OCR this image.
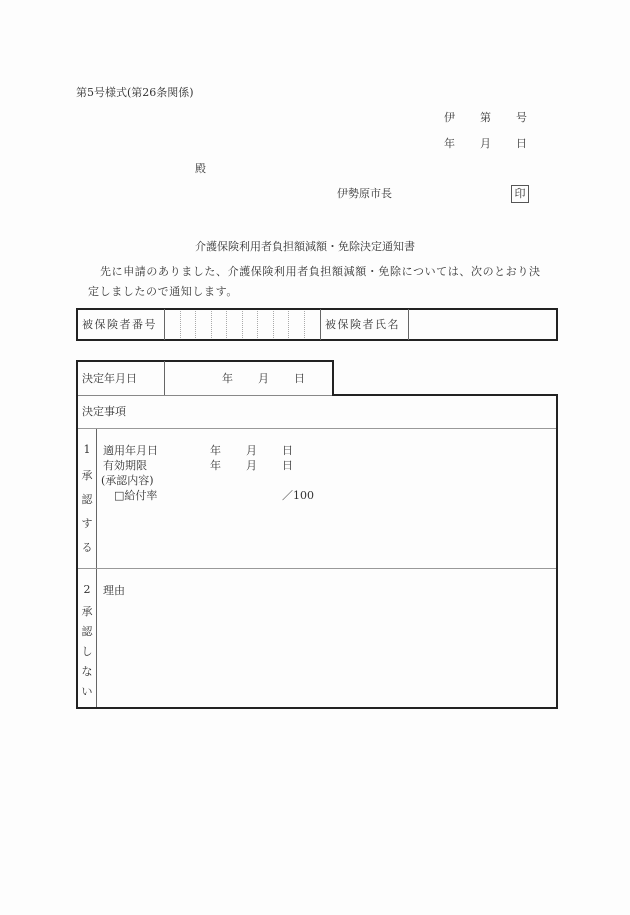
第5号様式(第26条関係)
伊 第 号
年 月 日
殿
伊勢原市長	印
介護保険利用者負担額減額・免除決定通知書
先に申請のありました、介護保険利用者負担額減額・免除については、次のとおり決
定しましたので通知します。
被保険者番号	被保険者氏名
決定年月日	年 月 日
決定事項
1
承
認
す
る
適用年月日	年 月 日
有効期限	年 月 日
(承認内容)
□給付率	／100
2
承
認
し
な
い
理由
